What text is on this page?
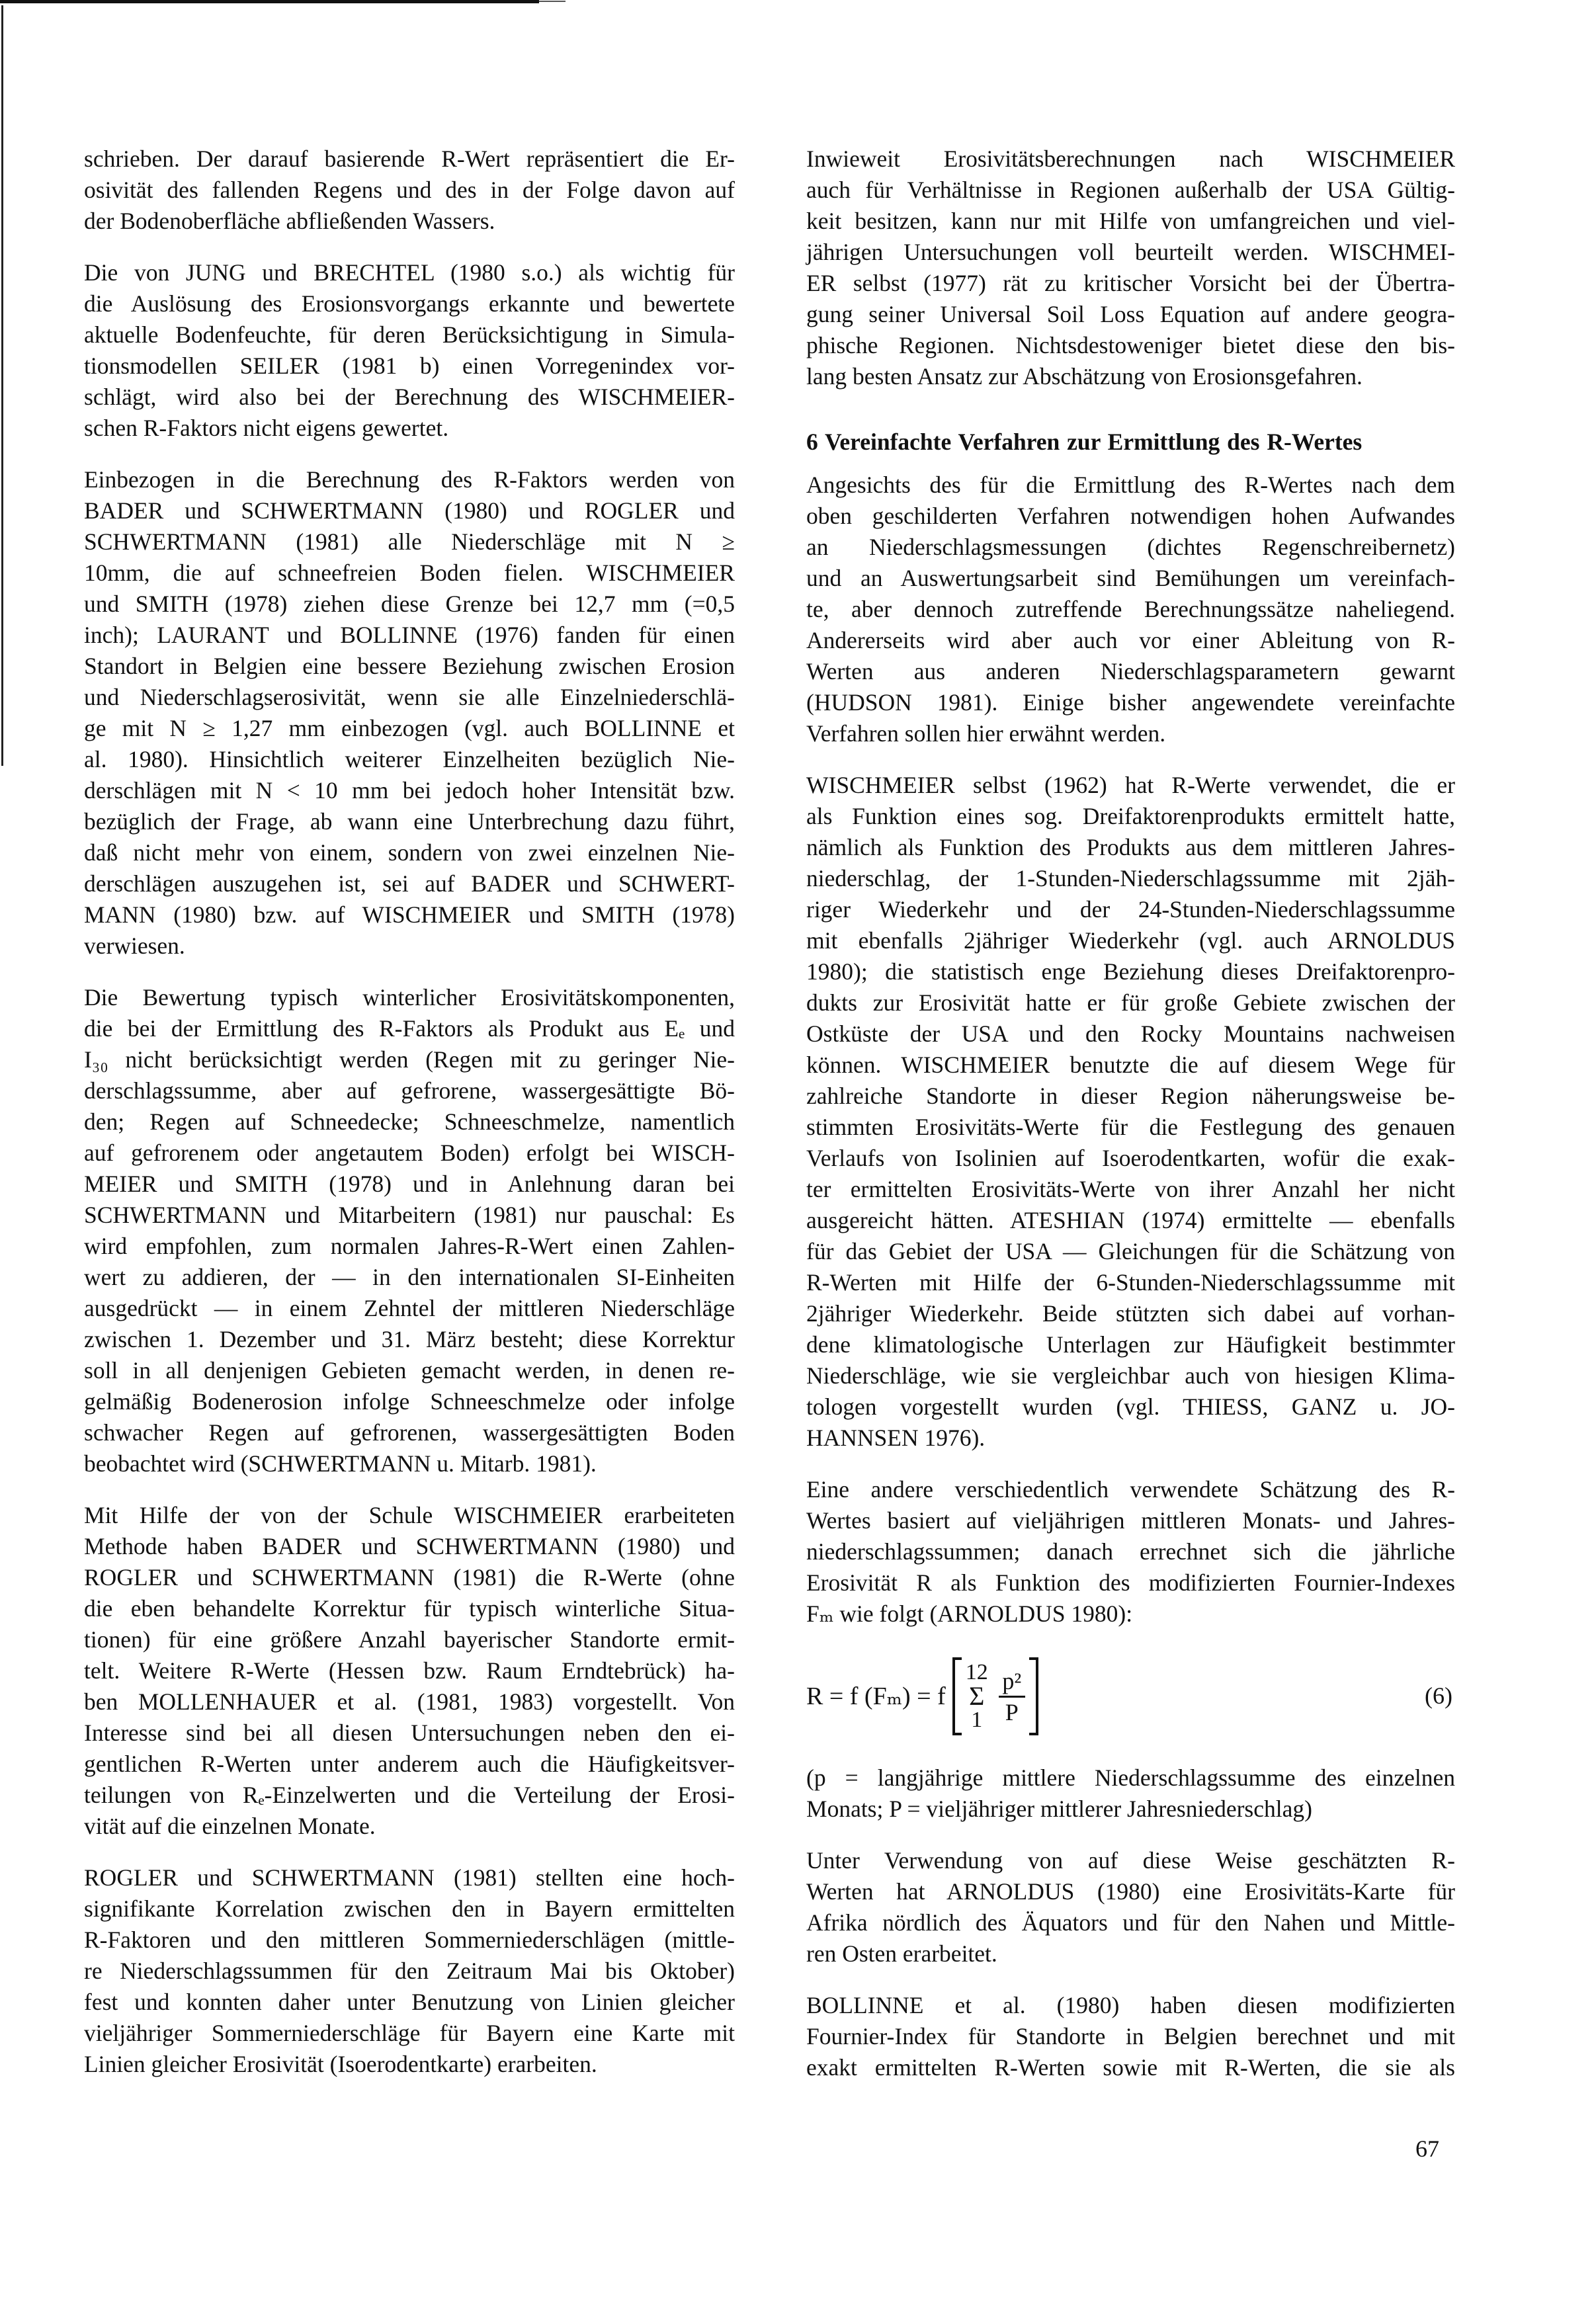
schrieben. Der darauf basierende R-Wert repräsentiert die Er-
osivität des fallenden Regens und des in der Folge davon auf
der Bodenoberfläche abfließenden Wassers.
Die von JUNG und BRECHTEL (1980 s.o.) als wichtig für
die Auslösung des Erosionsvorgangs erkannte und bewertete
aktuelle Bodenfeuchte, für deren Berücksichtigung in Simula-
tionsmodellen SEILER (1981 b) einen Vorregenindex vor-
schlägt, wird also bei der Berechnung des WISCHMEIER-
schen R-Faktors nicht eigens gewertet.
Einbezogen in die Berechnung des R-Faktors werden von
BADER und SCHWERTMANN (1980) und ROGLER und
SCHWERTMANN (1981) alle Niederschläge mit N ≥
10mm, die auf schneefreien Boden fielen. WISCHMEIER
und SMITH (1978) ziehen diese Grenze bei 12,7 mm (=0,5
inch); LAURANT und BOLLINNE (1976) fanden für einen
Standort in Belgien eine bessere Beziehung zwischen Erosion
und Niederschlagserosivität, wenn sie alle Einzelniederschlä-
ge mit N ≥ 1,27 mm einbezogen (vgl. auch BOLLINNE et
al. 1980). Hinsichtlich weiterer Einzelheiten bezüglich Nie-
derschlägen mit N < 10 mm bei jedoch hoher Intensität bzw.
bezüglich der Frage, ab wann eine Unterbrechung dazu führt,
daß nicht mehr von einem, sondern von zwei einzelnen Nie-
derschlägen auszugehen ist, sei auf BADER und SCHWERT-
MANN (1980) bzw. auf WISCHMEIER und SMITH (1978)
verwiesen.
Die Bewertung typisch winterlicher Erosivitätskomponenten,
die bei der Ermittlung des R-Faktors als Produkt aus Eₑ und
I₃₀ nicht berücksichtigt werden (Regen mit zu geringer Nie-
derschlagssumme, aber auf gefrorene, wassergesättigte Bö-
den; Regen auf Schneedecke; Schneeschmelze, namentlich
auf gefrorenem oder angetautem Boden) erfolgt bei WISCH-
MEIER und SMITH (1978) und in Anlehnung daran bei
SCHWERTMANN und Mitarbeitern (1981) nur pauschal: Es
wird empfohlen, zum normalen Jahres-R-Wert einen Zahlen-
wert zu addieren, der — in den internationalen SI-Einheiten
ausgedrückt — in einem Zehntel der mittleren Niederschläge
zwischen 1. Dezember und 31. März besteht; diese Korrektur
soll in all denjenigen Gebieten gemacht werden, in denen re-
gelmäßig Bodenerosion infolge Schneeschmelze oder infolge
schwacher Regen auf gefrorenen, wassergesättigten Boden
beobachtet wird (SCHWERTMANN u. Mitarb. 1981).
Mit Hilfe der von der Schule WISCHMEIER erarbeiteten
Methode haben BADER und SCHWERTMANN (1980) und
ROGLER und SCHWERTMANN (1981) die R-Werte (ohne
die eben behandelte Korrektur für typisch winterliche Situa-
tionen) für eine größere Anzahl bayerischer Standorte ermit-
telt. Weitere R-Werte (Hessen bzw. Raum Erndtebrück) ha-
ben MOLLENHAUER et al. (1981, 1983) vorgestellt. Von
Interesse sind bei all diesen Untersuchungen neben den ei-
gentlichen R-Werten unter anderem auch die Häufigkeitsver-
teilungen von Rₑ-Einzelwerten und die Verteilung der Erosi-
vität auf die einzelnen Monate.
ROGLER und SCHWERTMANN (1981) stellten eine hoch-
signifikante Korrelation zwischen den in Bayern ermittelten
R-Faktoren und den mittleren Sommerniederschlägen (mittle-
re Niederschlagssummen für den Zeitraum Mai bis Oktober)
fest und konnten daher unter Benutzung von Linien gleicher
vieljähriger Sommerniederschläge für Bayern eine Karte mit
Linien gleicher Erosivität (Isoerodentkarte) erarbeiten.
Inwieweit Erosivitätsberechnungen nach WISCHMEIER
auch für Verhältnisse in Regionen außerhalb der USA Gültig-
keit besitzen, kann nur mit Hilfe von umfangreichen und viel-
jährigen Untersuchungen voll beurteilt werden. WISCHMEI-
ER selbst (1977) rät zu kritischer Vorsicht bei der Übertra-
gung seiner Universal Soil Loss Equation auf andere geogra-
phische Regionen. Nichtsdestoweniger bietet diese den bis-
lang besten Ansatz zur Abschätzung von Erosionsgefahren.
6 Vereinfachte Verfahren zur Ermittlung des R-Wertes
Angesichts des für die Ermittlung des R-Wertes nach dem
oben geschilderten Verfahren notwendigen hohen Aufwandes
an Niederschlagsmessungen (dichtes Regenschreibernetz)
und an Auswertungsarbeit sind Bemühungen um vereinfach-
te, aber dennoch zutreffende Berechnungssätze naheliegend.
Andererseits wird aber auch vor einer Ableitung von R-
Werten aus anderen Niederschlagsparametern gewarnt
(HUDSON 1981). Einige bisher angewendete vereinfachte
Verfahren sollen hier erwähnt werden.
WISCHMEIER selbst (1962) hat R-Werte verwendet, die er
als Funktion eines sog. Dreifaktorenprodukts ermittelt hatte,
nämlich als Funktion des Produkts aus dem mittleren Jahres-
niederschlag, der 1-Stunden-Niederschlagssumme mit 2jäh-
riger Wiederkehr und der 24-Stunden-Niederschlagssumme
mit ebenfalls 2jähriger Wiederkehr (vgl. auch ARNOLDUS
1980); die statistisch enge Beziehung dieses Dreifaktorenpro-
dukts zur Erosivität hatte er für große Gebiete zwischen der
Ostküste der USA und den Rocky Mountains nachweisen
können. WISCHMEIER benutzte die auf diesem Wege für
zahlreiche Standorte in dieser Region näherungsweise be-
stimmten Erosivitäts-Werte für die Festlegung des genauen
Verlaufs von Isolinien auf Isoerodentkarten, wofür die exak-
ter ermittelten Erosivitäts-Werte von ihrer Anzahl her nicht
ausgereicht hätten. ATESHIAN (1974) ermittelte — ebenfalls
für das Gebiet der USA — Gleichungen für die Schätzung von
R-Werten mit Hilfe der 6-Stunden-Niederschlagssumme mit
2jähriger Wiederkehr. Beide stützten sich dabei auf vorhan-
dene klimatologische Unterlagen zur Häufigkeit bestimmter
Niederschläge, wie sie vergleichbar auch von hiesigen Klima-
tologen vorgestellt wurden (vgl. THIESS, GANZ u. JO-
HANNSEN 1976).
Eine andere verschiedentlich verwendete Schätzung des R-
Wertes basiert auf vieljährigen mittleren Monats- und Jahres-
niederschlagssummen; danach errechnet sich die jährliche
Erosivität R als Funktion des modifizierten Fournier-Indexes
Fₘ wie folgt (ARNOLDUS 1980):
R = f (Fₘ) = f
12
Σ
$1 \frac{\text{p²}}{P}$	(6)
(p = langjährige mittlere Niederschlagssumme des einzelnen
Monats; P = vieljähriger mittlerer Jahresniederschlag)
Unter Verwendung von auf diese Weise geschätzten R-
Werten hat ARNOLDUS (1980) eine Erosivitäts-Karte für
Afrika nördlich des Äquators und für den Nahen und Mittle-
ren Osten erarbeitet.
BOLLINNE et al. (1980) haben diesen modifizierten
Fournier-Index für Standorte in Belgien berechnet und mit
exakt ermittelten R-Werten sowie mit R-Werten, die sie als
67
